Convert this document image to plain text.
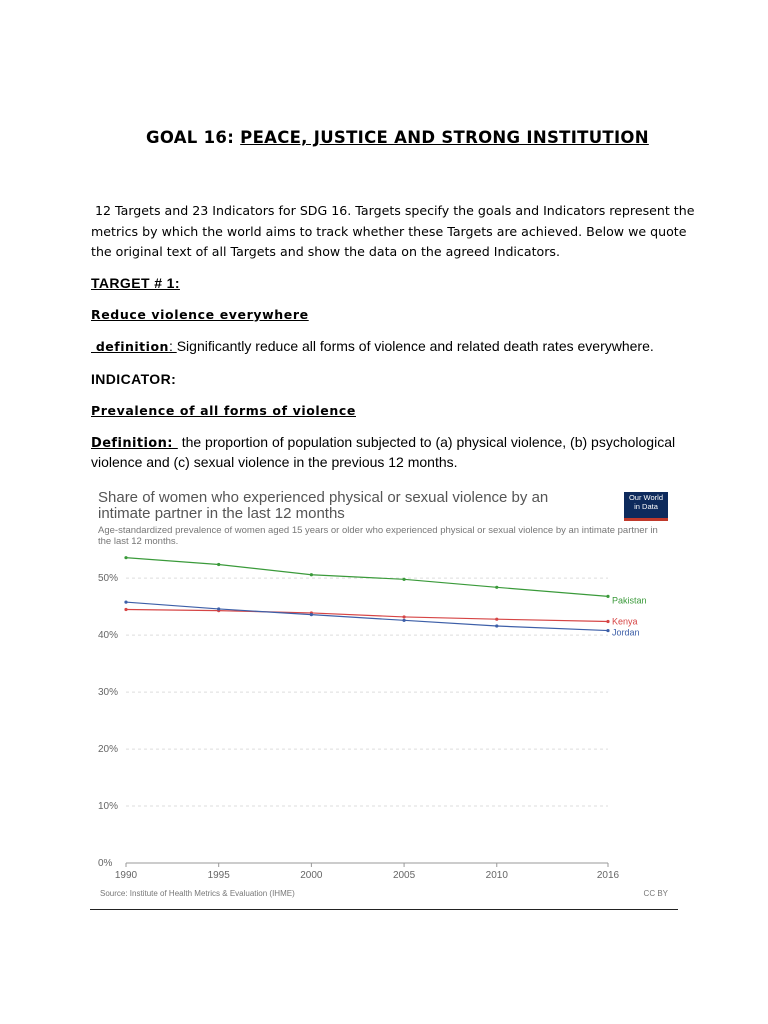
GOAL 16: PEACE, JUSTICE AND STRONG INSTITUTION
12 Targets and 23 Indicators for SDG 16. Targets specify the goals and Indicators represent the
metrics by which the world aims to track whether these Targets are achieved. Below we quote
the original text of all Targets and show the data on the agreed Indicators.
TARGET # 1:
Reduce violence everywhere
definition: Significantly reduce all forms of violence and related death rates everywhere.
INDICATOR:
Prevalence of all forms of violence
Definition:  the proportion of population subjected to (a) physical violence, (b) psychological violence and (c) sexual violence in the previous 12 months.
Share of women who experienced physical or sexual violence by an intimate partner in the last 12 months
Age-standardized prevalence of women aged 15 years or older who experienced physical or sexual violence by an intimate partner in the last 12 months.
Our World
in Data
0%
10%
20%
30%
40%
50%
1990	1995	2000	2005	2010	2016
Pakistan
Kenya
Jordan
Source: Institute of Health Metrics & Evaluation (IHME)	CC BY
